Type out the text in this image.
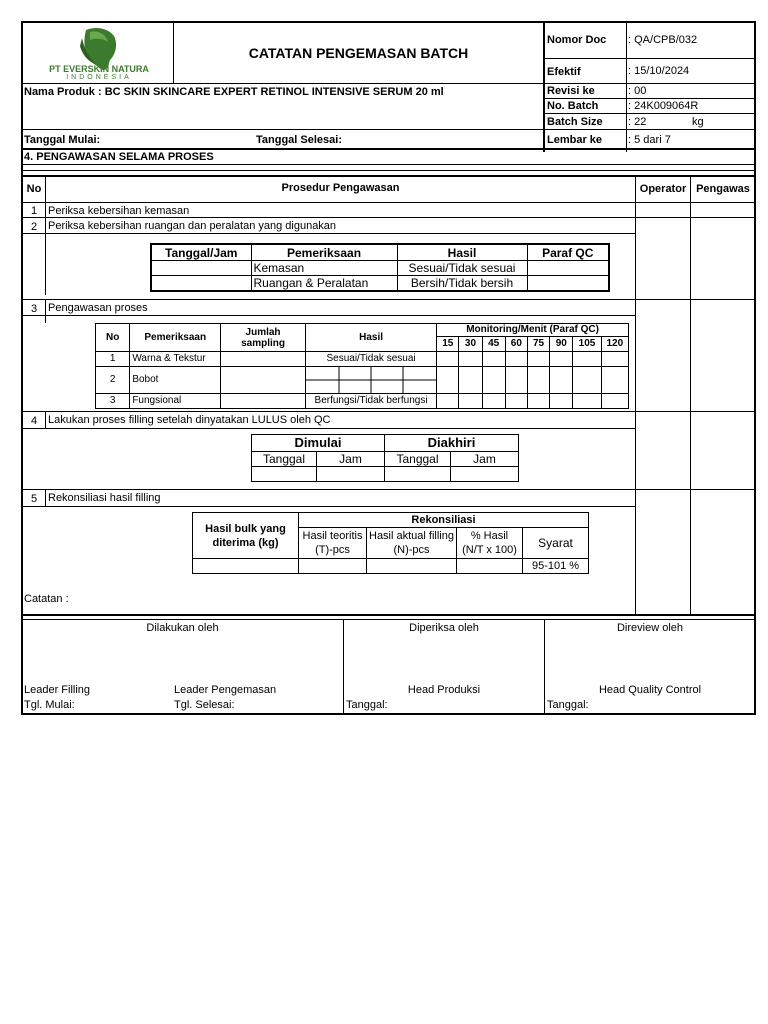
PT EVERSKIN NATURA
INDONESIA
CATATAN PENGEMASAN BATCH
Nomor Doc : QA/CPB/032
Efektif	: 15/10/2024
Revisi ke	: 00
No. Batch	: 24K009064R
Batch Size : 22	kg
Lembar ke : 5 dari 7
Nama Produk : BC SKIN SKINCARE EXPERT RETINOL INTENSIVE SERUM 20 ml
Tanggal Mulai:	Tanggal Selesai:
4. PENGAWASAN SELAMA PROSES
No	Prosedur Pengawasan	Operator Pengawas
1 Periksa kebersihan kemasan
2 Periksa kebersihan ruangan dan peralatan yang digunakan
3 Pengawasan proses
4 Lakukan proses filling setelah dinyatakan LULUS oleh QC
5 Rekonsiliasi hasil filling
Tanggal/Jam	Pemeriksaan	Hasil	Paraf QC
	Kemasan	Sesuai/Tidak sesuai	
	Ruangan & Peralatan	Bersih/Tidak bersih	
No	Pemeriksaan	Jumlah sampling	Hasil	Monitoring/Menit (Paraf QC)							
				15	30	45	60	75	90	105	120
1	Warna & Tekstur		Sesuai/Tidak sesuai								
2	Bobot		

3	Fungsional		Berfungsi/Tidak berfungsi								
Dimulai		Diakhiri	
Tanggal	Jam	Tanggal	Jam

Hasil bulk yang diterima (kg)	Rekonsiliasi			
	Hasil teoritis (T)-pcs	Hasil aktual filling (N)-pcs	% Hasil (N/T x 100)	Syarat
				95-101 %
Catatan :
Dilakukan oleh	Diperiksa oleh	Direview oleh
Leader Filling	Leader Pengemasan	Head Produksi	Head Quality Control
Tgl. Mulai:	Tgl. Selesai:	Tanggal:	Tanggal:
